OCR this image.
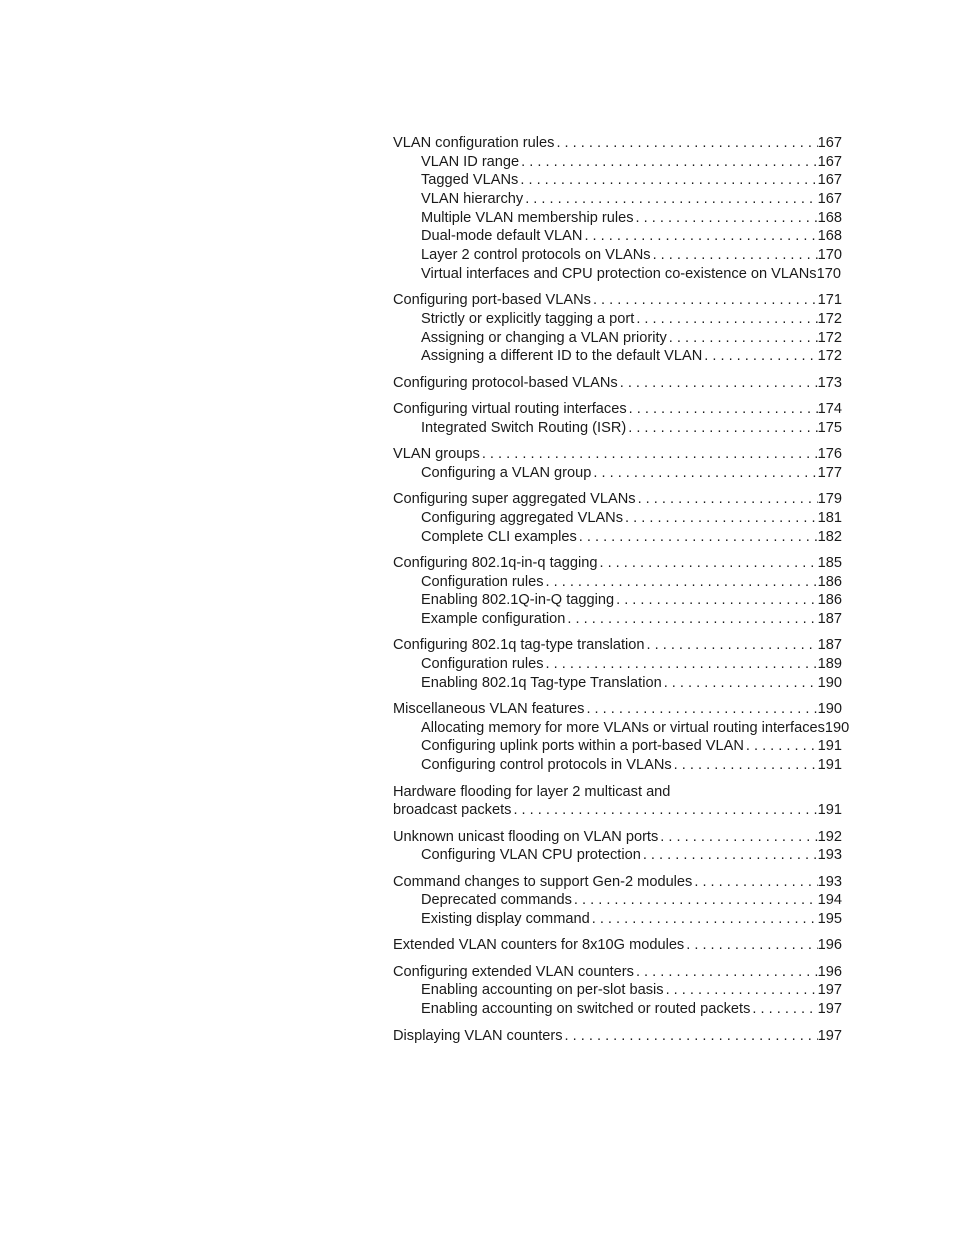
VLAN configuration rules . . .	167
VLAN ID range . . .	167
Tagged VLANs . . .	167
VLAN hierarchy . . .	167
Multiple VLAN membership rules . . .	168
Dual-mode default VLAN . . .	168
Layer 2 control protocols on VLANs . . .	170
Virtual interfaces and CPU protection co-existence on VLANs 170
Configuring port-based VLANs . . .	171
Strictly or explicitly tagging a port . . .	172
Assigning or changing a VLAN priority . . .	172
Assigning a different ID to the default VLAN . . .	172
Configuring protocol-based VLANs . . .	173
Configuring virtual routing interfaces . . .	174
Integrated Switch Routing (ISR) . . .	175
VLAN groups . . .	176
Configuring a VLAN group . . .	177
Configuring super aggregated VLANs . . .	179
Configuring aggregated VLANs . . .	181
Complete CLI examples . . .	182
Configuring 802.1q-in-q tagging . . .	185
Configuration rules . . .	186
Enabling 802.1Q-in-Q tagging . . .	186
Example configuration . . .	187
Configuring 802.1q tag-type translation . . .	187
Configuration rules . . .	189
Enabling 802.1q Tag-type Translation . . .	190
Miscellaneous VLAN features . . .	190
Allocating memory for more VLANs or virtual routing interfaces 190
Configuring uplink ports within a port-based VLAN . . .	191
Configuring control protocols in VLANs . . .	191
Hardware flooding for layer 2 multicast and
broadcast packets . . .	191
Unknown unicast flooding on VLAN ports . . .	192
Configuring VLAN CPU protection . . .	193
Command changes to support Gen-2 modules . . .	193
Deprecated commands . . .	194
Existing display command . . .	195
Extended VLAN counters for 8x10G modules . . .	196
Configuring extended VLAN counters . . .	196
Enabling accounting on per-slot basis . . .	197
Enabling accounting on switched or routed packets . . .	197
Displaying VLAN counters . . .	197
